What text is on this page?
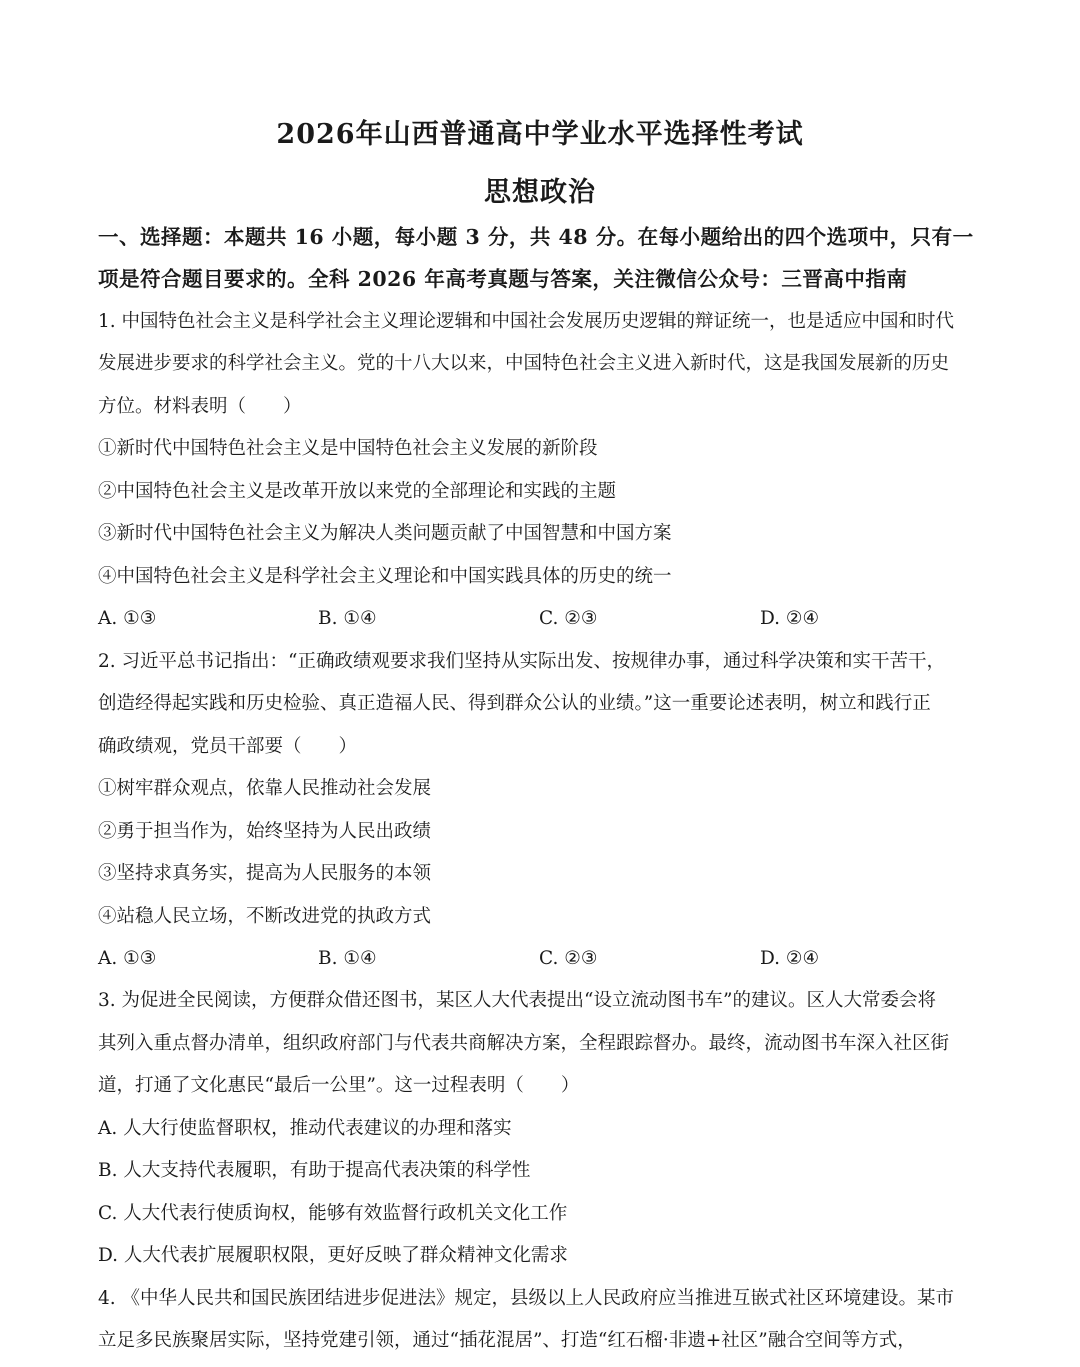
2026年山西普通高中学业水平选择性考试
思想政治
一、选择题：本题共 16 小题，每小题 3 分，共 48 分。在每小题给出的四个选项中，只有一
项是符合题目要求的。全科 2026 年高考真题与答案，关注微信公众号：三晋高中指南
1. 中国特色社会主义是科学社会主义理论逻辑和中国社会发展历史逻辑的辩证统一，也是适应中国和时代
发展进步要求的科学社会主义。党的十八大以来，中国特色社会主义进入新时代，这是我国发展新的历史
方位。材料表明（　　）
①新时代中国特色社会主义是中国特色社会主义发展的新阶段
②中国特色社会主义是改革开放以来党的全部理论和实践的主题
③新时代中国特色社会主义为解决人类问题贡献了中国智慧和中国方案
④中国特色社会主义是科学社会主义理论和中国实践具体的历史的统一
A. ①③	B. ①④	C. ②③	D. ②④
2. 习近平总书记指出：“正确政绩观要求我们坚持从实际出发、按规律办事，通过科学决策和实干苦干，
创造经得起实践和历史检验、真正造福人民、得到群众公认的业绩。”这一重要论述表明，树立和践行正
确政绩观，党员干部要（　　）
①树牢群众观点，依靠人民推动社会发展
②勇于担当作为，始终坚持为人民出政绩
③坚持求真务实，提高为人民服务的本领
④站稳人民立场，不断改进党的执政方式
A. ①③	B. ①④	C. ②③	D. ②④
3. 为促进全民阅读，方便群众借还图书，某区人大代表提出“设立流动图书车”的建议。区人大常委会将
其列入重点督办清单，组织政府部门与代表共商解决方案，全程跟踪督办。最终，流动图书车深入社区街
道，打通了文化惠民“最后一公里”。这一过程表明（　　）
A. 人大行使监督职权，推动代表建议的办理和落实
B. 人大支持代表履职，有助于提高代表决策的科学性
C. 人大代表行使质询权，能够有效监督行政机关文化工作
D. 人大代表扩展履职权限，更好反映了群众精神文化需求
4. 《中华人民共和国民族团结进步促进法》规定，县级以上人民政府应当推进互嵌式社区环境建设。某市
立足多民族聚居实际，坚持党建引领，通过“插花混居”、打造“红石榴·非遗+社区”融合空间等方式，
